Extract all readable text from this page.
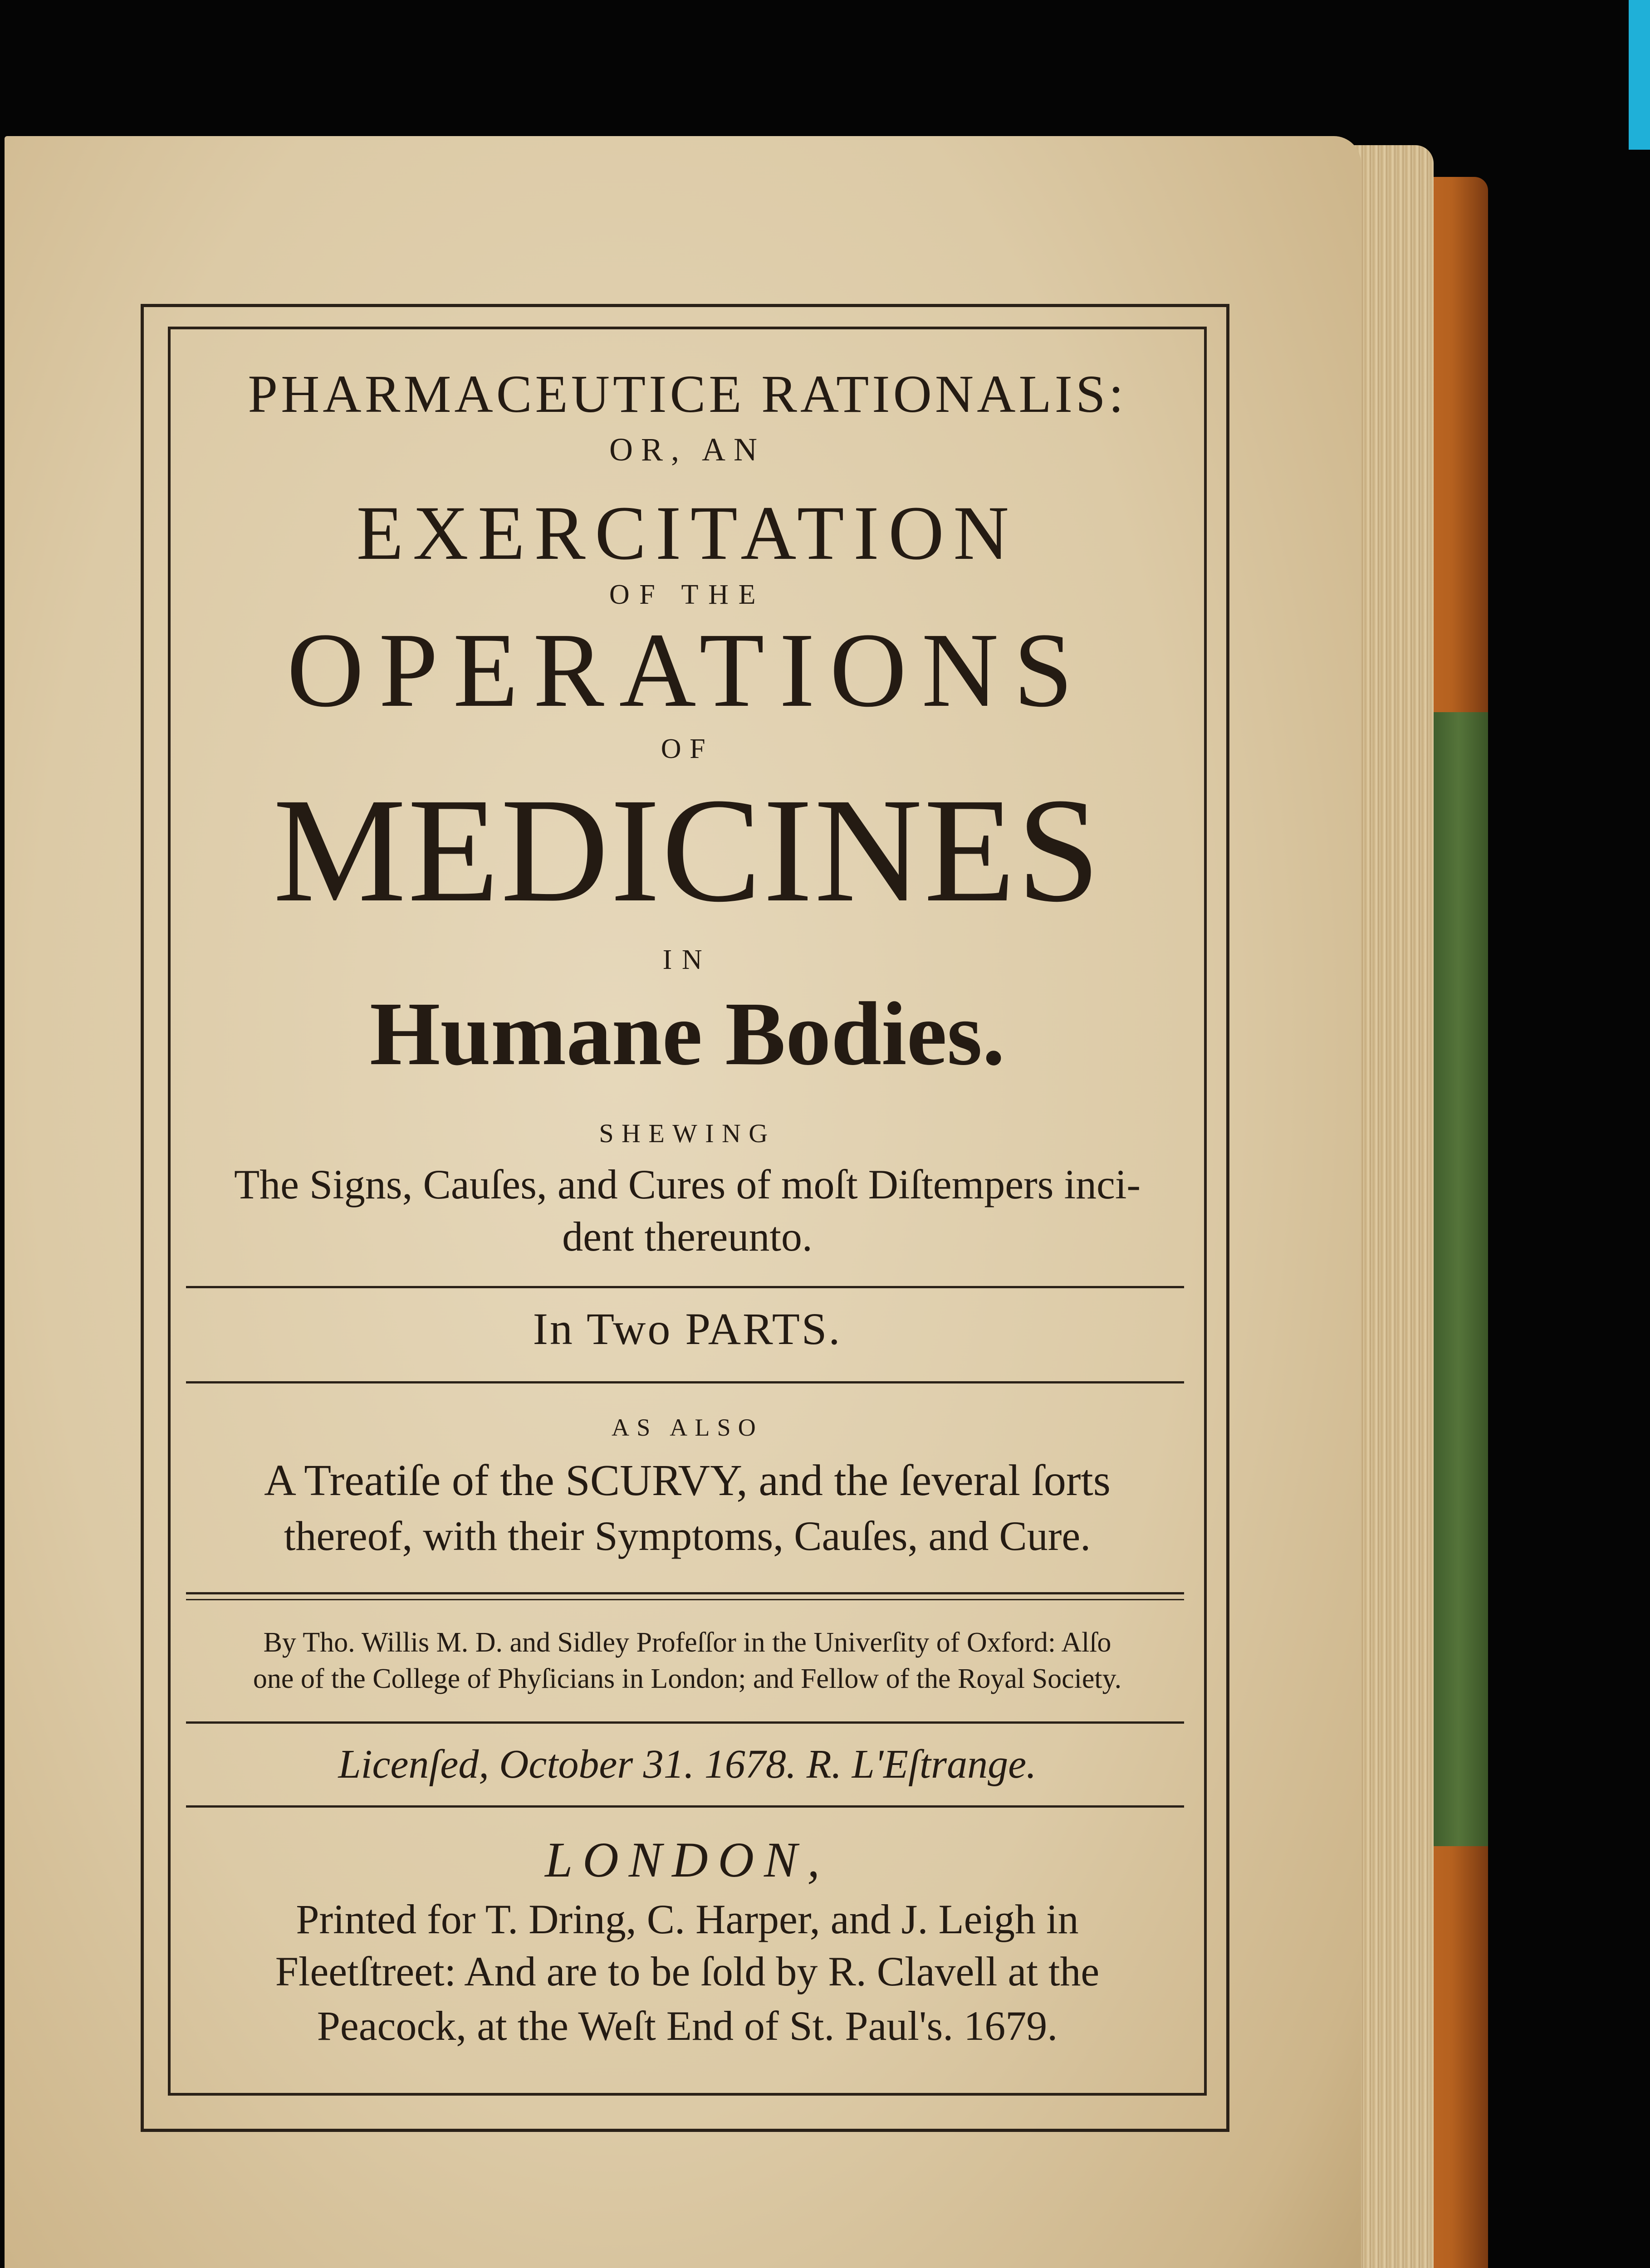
PHARMACEUTICE RATIONALIS:
OR, AN
EXERCITATION
OF THE
OPERATIONS
OF
MEDICINES
IN
Humane Bodies.
SHEWING
The Signs, Cauſes, and Cures of moſt Diſtempers inci-
dent thereunto.
In Two PARTS.
AS ALSO
A Treatiſe of the SCURVY, and the ſeveral ſorts
thereof, with their Symptoms, Cauſes, and Cure.
By Tho. Willis M. D. and Sidley Profeſſor in the Univerſity of Oxford: Alſo
one of the College of Phyſicians in London; and Fellow of the Royal Society.
Licenſed, October 31. 1678. R. L'Eſtrange.
LONDON,
Printed for T. Dring, C. Harper, and J. Leigh in
Fleetſtreet: And are to be ſold by R. Clavell at the
Peacock, at the Weſt End of St. Paul's. 1679.
